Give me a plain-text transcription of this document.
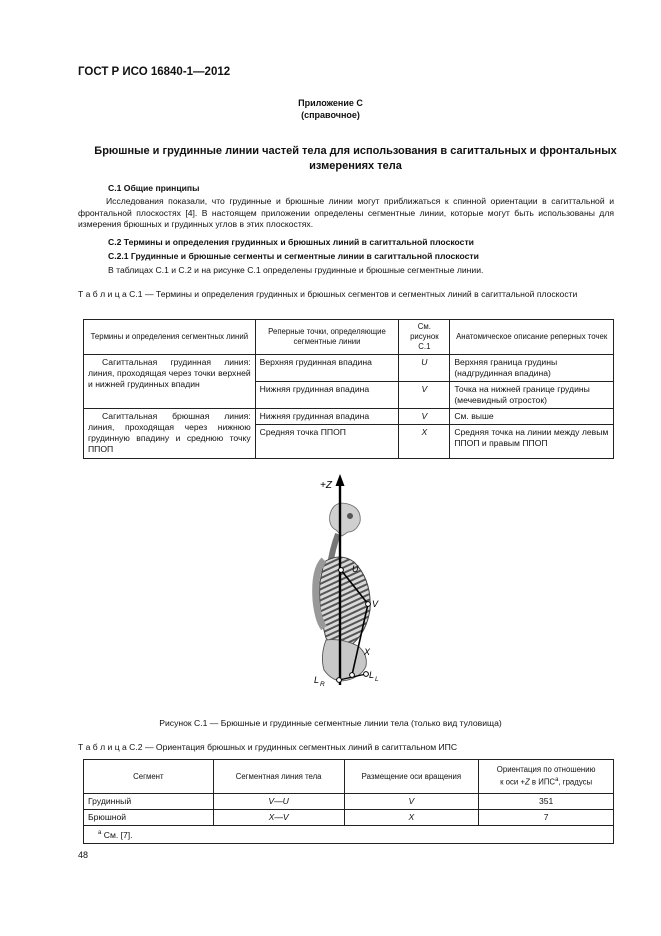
ГОСТ Р ИСО 16840-1—2012
Приложение С
(справочное)
Брюшные и грудинные линии частей тела для использования в сагиттальных и фронтальных измерениях тела
С.1 Общие принципы
Исследования показали, что грудинные и брюшные линии могут приближаться к спинной ориентации в сагиттальной и фронтальной плоскостях [4]. В настоящем приложении определены сегментные линии, которые могут быть использованы для измерения брюшных и грудинных углов в этих плоскостях.
С.2 Термины и определения грудинных и брюшных линий в сагиттальной плоскости
С.2.1 Грудинные и брюшные сегменты и сегментные линии в сагиттальной плоскости
В таблицах С.1 и С.2 и на рисунке С.1 определены грудинные и брюшные сегментные линии.
Т а б л и ц а С.1 — Термины и определения грудинных и брюшных сегментов и сегментных линий в сагиттальной плоскости
Термины и определения сегментных линий	Реперные точки, определяющие сегментные линии	См. рисунок С.1	Анатомическое описание реперных точек
Сагиттальная грудинная линия: линия, проходящая через точки верхней и нижней грудинных впадин	Верхняя грудинная впадина	U	Верхняя граница грудины (надгрудинная впадина)
	Нижняя грудинная впадина	V	Точка на нижней границе грудины (мечевидный отросток)
Сагиттальная брюшная линия: линия, проходящая через нижнюю грудинную впадину и среднюю точку ППОП	Нижняя грудинная впадина	V	См. выше
	Средняя точка ППОП	X	Средняя точка на линии между левым ППОП и правым ППОП
+Z
U
V
X
L R
L L
Рисунок С.1 — Брюшные и грудинные сегментные линии тела (только вид туловища)
Т а б л и ц а С.2 — Ориентация брюшных и грудинных сегментных линий в сагиттальном ИПС
Сегмент	Сегментная линия тела	Размещение оси вращения	Ориентация по отношению
к оси +Z в $ИПС^а$, градусы
Грудинный	V—U	V	351
Брюшной	X—V	X	7
$^а$ См. [7].			
48
